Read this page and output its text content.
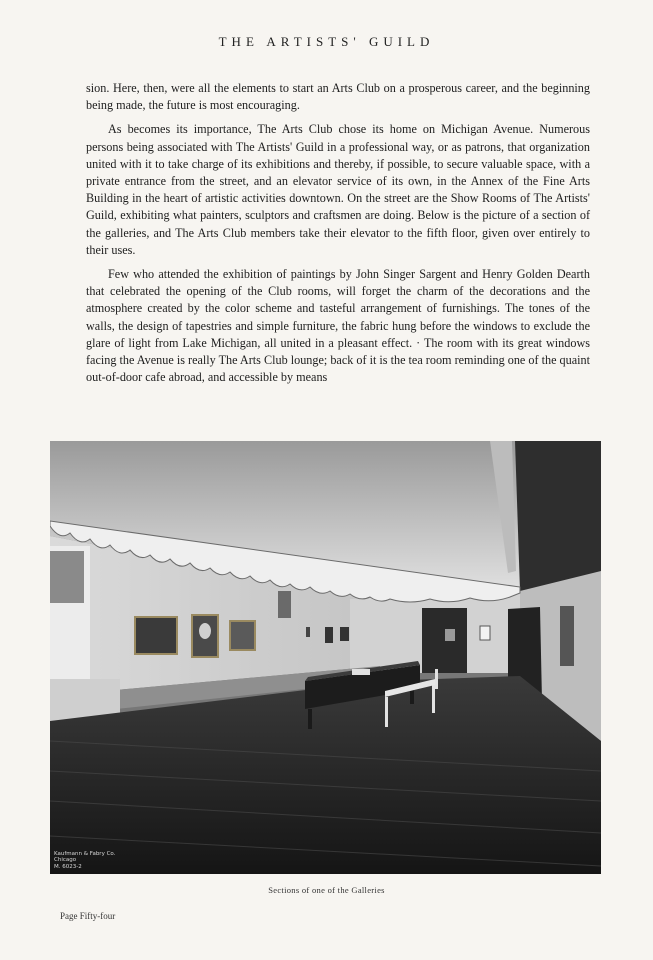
THE ARTISTS' GUILD

sion. Here, then, were all the elements to start an Arts Club on a prosperous career, and the beginning being made, the future is most encouraging.

As becomes its importance, The Arts Club chose its home on Michigan Avenue. Numerous persons being associated with The Artists' Guild in a professional way, or as patrons, that organization united with it to take charge of its exhibitions and thereby, if possible, to secure valuable space, with a private entrance from the street, and an elevator service of its own, in the Annex of the Fine Arts Building in the heart of artistic activities downtown. On the street are the Show Rooms of The Artists' Guild, exhibiting what painters, sculptors and craftsmen are doing. Below is the picture of a section of the galleries, and The Arts Club members take their elevator to the fifth floor, given over entirely to their uses.

Few who attended the exhibition of paintings by John Singer Sargent and Henry Golden Dearth that celebrated the opening of the Club rooms, will forget the charm of the decorations and the atmosphere created by the color scheme and tasteful arrangement of furnishings. The tones of the walls, the design of tapestries and simple furniture, the fabric hung before the windows to exclude the glare of light from Lake Michigan, all united in a pleasant effect. · The room with its great windows facing the Avenue is really The Arts Club lounge; back of it is the tea room reminding one of the quaint out-of-door cafe abroad, and accessible by means

Kaufmann & Fabry Co.
Chicago
M. 6023-2
Sections of one of the Galleries
Page Fifty-four
